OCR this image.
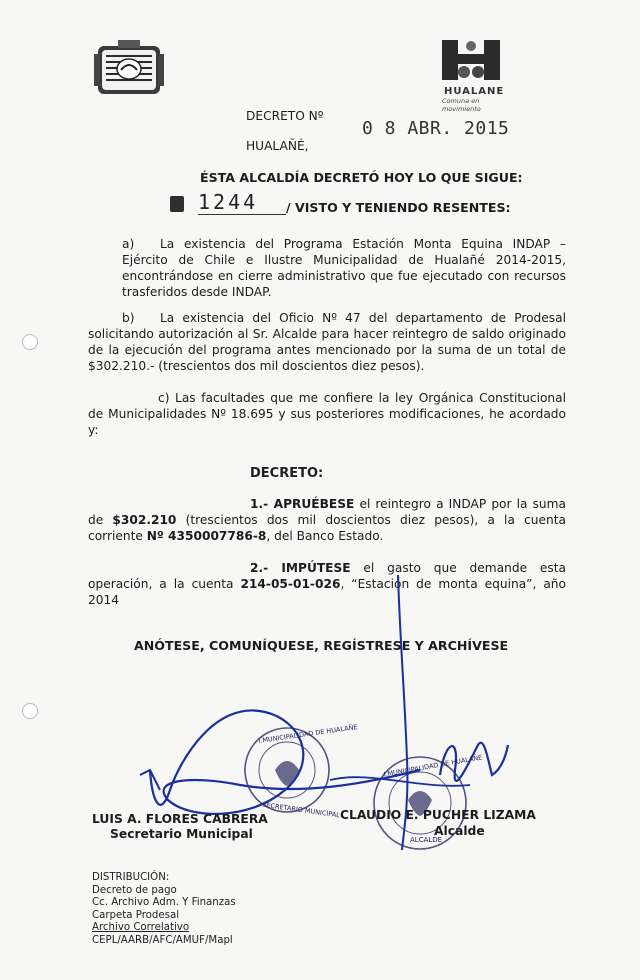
HUALANE
Comuna en movimiento
DECRETO Nº
HUALAÑÉ,
0 8 ABR. 2015
ÉSTA ALCALDÍA DECRETÓ HOY LO QUE SIGUE:
1244	/ VISTO Y TENIENDO RESENTES:
a)	La existencia del Programa Estación Monta Equina INDAP – Ejército de Chile e Ilustre Municipalidad de Hualañé 2014-2015, encontrándose en cierre administrativo que fue ejecutado con recursos trasferidos desde INDAP.
b)	La existencia del Oficio Nº 47 del departamento de Prodesal solicitando autorización al Sr. Alcalde para hacer reintegro de saldo originado de la ejecución del programa antes mencionado por la suma de un total de $302.210.- (trescientos dos mil doscientos diez pesos).
c) Las facultades que me confiere la ley Orgánica Constitucional de Municipalidades Nº 18.695 y sus posteriores modificaciones, he acordado y:
DECRETO:
1.- APRUÉBESE el reintegro a INDAP por la suma de $302.210 (trescientos dos mil doscientos diez pesos), a la cuenta corriente Nº 4350007786-8, del Banco Estado.
2.- IMPÚTESE el gasto que demande esta operación, a la cuenta 214-05-01-026, “Estación de monta equina”, año 2014
ANÓTESE, COMUNÍQUESE, REGÍSTRESE Y ARCHÍVESE
I.MUNICIPALIDAD DE HUALAÑE
SECRETARIO MUNICIPAL
I.MUNICIPALIDAD DE HUALAÑE
ALCALDE
LUIS A. FLORES CABRERA
Secretario Municipal
CLAUDIO E. PUCHER LIZAMA
Alcalde
DISTRIBUCIÓN:
Decreto de pago
Cc. Archivo Adm. Y Finanzas
Carpeta Prodesal
Archivo Correlativo
CEPL/AARB/AFC/AMUF/Mapl
